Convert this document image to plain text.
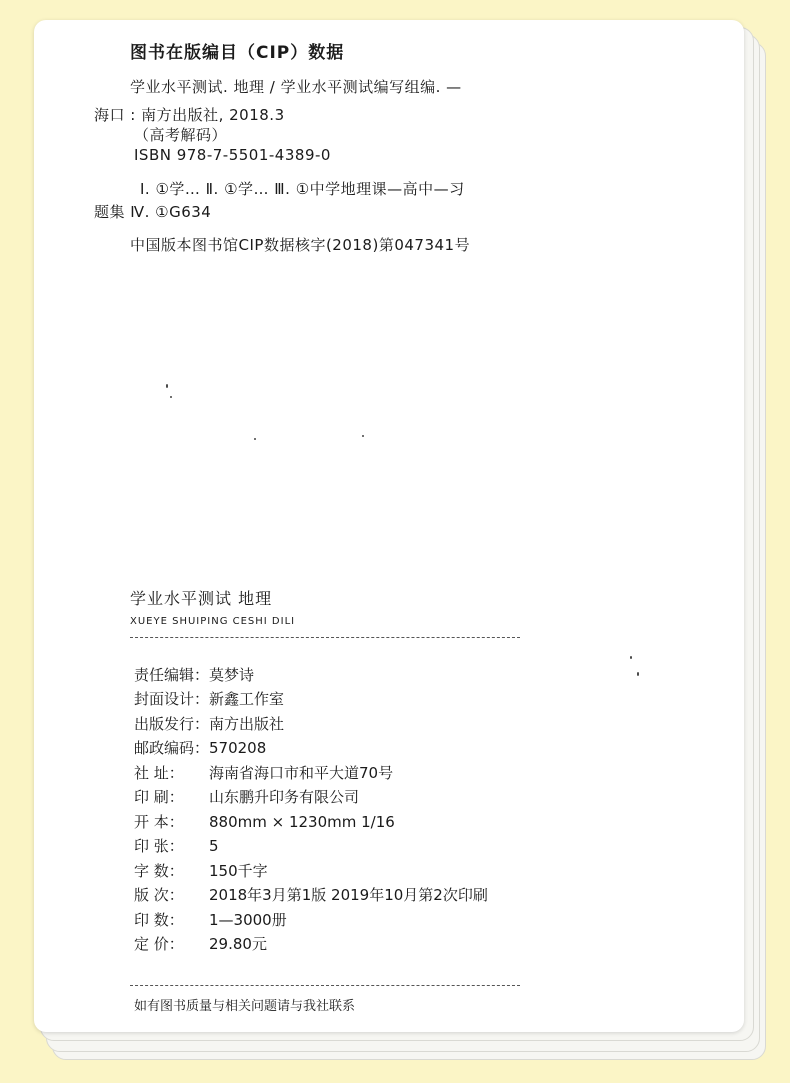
图书在版编目（CIP）数据
学业水平测试. 地理 / 学业水平测试编写组编. —
海口 : 南方出版社, 2018.3
（高考解码）
ISBN 978-7-5501-4389-0
Ⅰ. ①学… Ⅱ. ①学… Ⅲ. ①中学地理课—高中—习
题集 Ⅳ. ①G634
中国版本图书馆CIP数据核字(2018)第047341号
学业水平测试 地理
XUEYE SHUIPING CESHI DILI
责任编辑：莫梦诗
封面设计：新鑫工作室
出版发行：南方出版社
邮政编码：570208
社 址： 海南省海口市和平大道70号
印 刷： 山东鹏升印务有限公司
开 本： 880mm × 1230mm 1/16
印 张： 5
字 数： 150千字
版 次： 2018年3月第1版 2019年10月第2次印刷
印 数： 1—3000册
定 价： 29.80元
如有图书质量与相关问题请与我社联系
